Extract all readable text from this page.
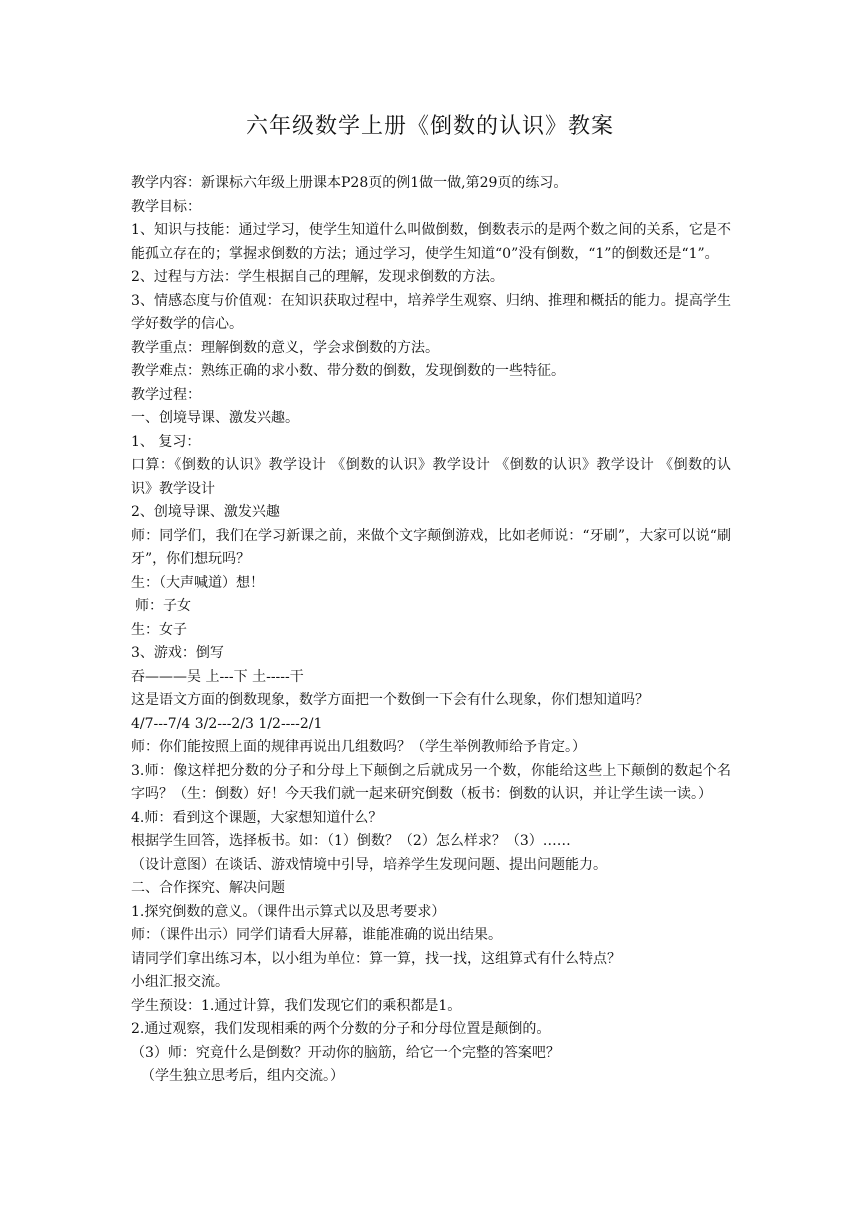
六年级数学上册《倒数的认识》教案

教学内容：新课标六年级上册课本P28页的例1做一做,第29页的练习。

教学目标：

1、知识与技能：通过学习，使学生知道什么叫做倒数，倒数表示的是两个数之间的关系，它是不能孤立存在的；掌握求倒数的方法；通过学习，使学生知道“0”没有倒数，“1”的倒数还是“1”。

2、过程与方法：学生根据自己的理解，发现求倒数的方法。

3、情感态度与价值观：在知识获取过程中，培养学生观察、归纳、推理和概括的能力。提高学生学好数学的信心。

教学重点：理解倒数的意义，学会求倒数的方法。

教学难点：熟练正确的求小数、带分数的倒数，发现倒数的一些特征。

教学过程：

一、创境导课、激发兴趣。

1、 复习：

口算：《倒数的认识》教学设计 《倒数的认识》教学设计 《倒数的认识》教学设计 《倒数的认识》教学设计

2、创境导课、激发兴趣

师：同学们，我们在学习新课之前，来做个文字颠倒游戏，比如老师说：“牙刷”，大家可以说“刷牙”，你们想玩吗？

生：（大声喊道）想！

师：子女

生：女子

3、游戏：倒写

吞———吴 上---下 土-----干

这是语文方面的倒数现象，数学方面把一个数倒一下会有什么现象，你们想知道吗？

4/7---7/4 3/2---2/3 1/2----2/1

师：你们能按照上面的规律再说出几组数吗？（学生举例教师给予肯定。）

3.师：像这样把分数的分子和分母上下颠倒之后就成另一个数，你能给这些上下颠倒的数起个名字吗？（生：倒数）好！今天我们就一起来研究倒数（板书：倒数的认识，并让学生读一读。）

4.师：看到这个课题，大家想知道什么？

根据学生回答，选择板书。如：（1）倒数？（2）怎么样求？（3）……

（设计意图）在谈话、游戏情境中引导，培养学生发现问题、提出问题能力。

二、合作探究、解决问题

1.探究倒数的意义。（课件出示算式以及思考要求）

师：（课件出示）同学们请看大屏幕，谁能准确的说出结果。

请同学们拿出练习本，以小组为单位：算一算，找一找，这组算式有什么特点？

小组汇报交流。

学生预设：1.通过计算，我们发现它们的乘积都是1。

2.通过观察，我们发现相乘的两个分数的分子和分母位置是颠倒的。

（3）师：究竟什么是倒数？开动你的脑筋，给它一个完整的答案吧？

（学生独立思考后，组内交流。）
